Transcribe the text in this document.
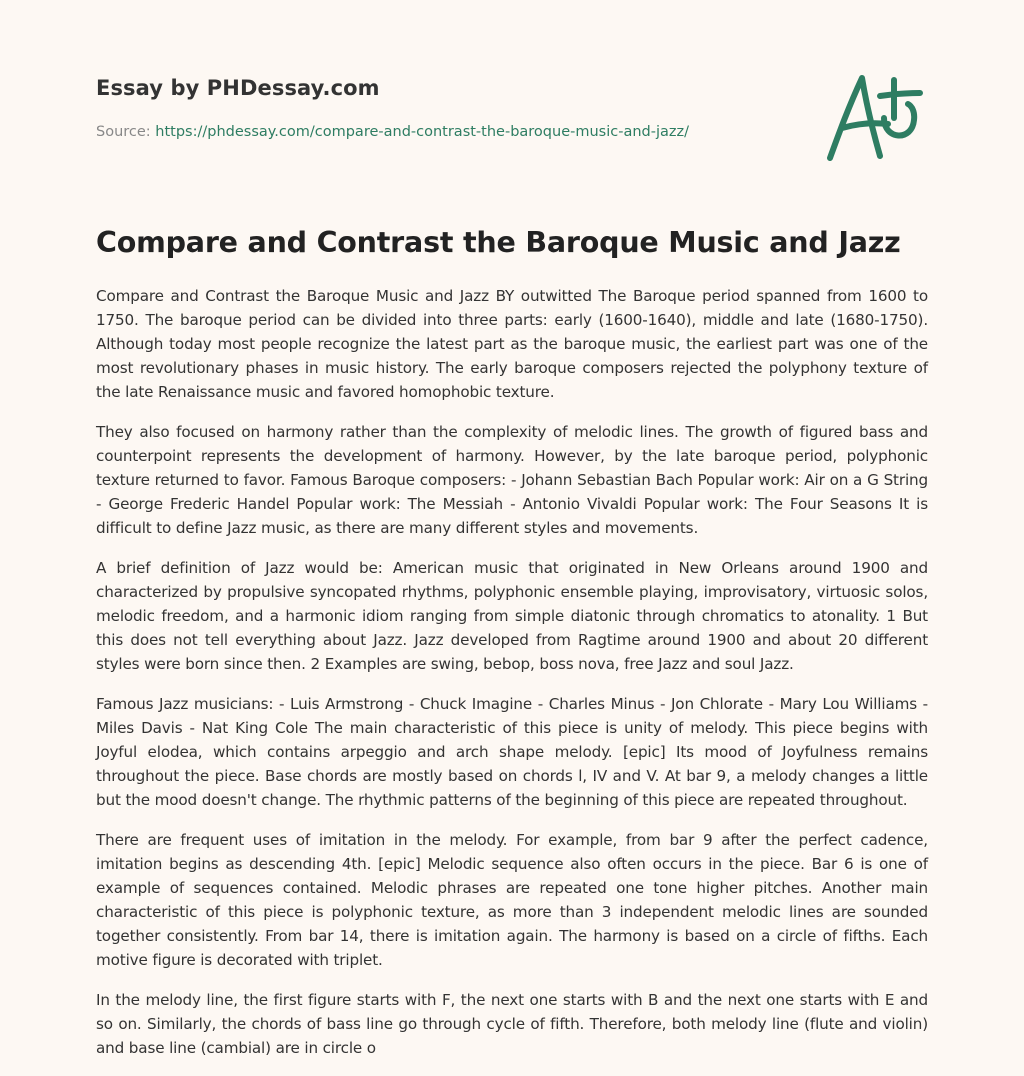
Essay by PHDessay.com
Source: https://phdessay.com/compare-and-contrast-the-baroque-music-and-jazz/
Compare and Contrast the Baroque Music and Jazz

Compare and Contrast the Baroque Music and Jazz BY outwitted The Baroque period spanned from 1600 to 1750. The baroque period can be divided into three parts: early (1600-1640), middle and late (1680-1750). Although today most people recognize the latest part as the baroque music, the earliest part was one of the most revolutionary phases in music history. The early baroque composers rejected the polyphony texture of the late Renaissance music and favored homophobic texture.

They also focused on harmony rather than the complexity of melodic lines. The growth of figured bass and counterpoint represents the development of harmony. However, by the late baroque period, polyphonic texture returned to favor. Famous Baroque composers: - Johann Sebastian Bach Popular work: Air on a G String - George Frederic Handel Popular work: The Messiah - Antonio Vivaldi Popular work: The Four Seasons It is difficult to define Jazz music, as there are many different styles and movements.

A brief definition of Jazz would be: American music that originated in New Orleans around 1900 and characterized by propulsive syncopated rhythms, polyphonic ensemble playing, improvisatory, virtuosic solos, melodic freedom, and a harmonic idiom ranging from simple diatonic through chromatics to atonality. 1 But this does not tell everything about Jazz. Jazz developed from Ragtime around 1900 and about 20 different styles were born since then. 2 Examples are swing, bebop, boss nova, free Jazz and soul Jazz.

Famous Jazz musicians: - Luis Armstrong - Chuck Imagine - Charles Minus - Jon Chlorate - Mary Lou Williams - Miles Davis - Nat King Cole The main characteristic of this piece is unity of melody. This piece begins with Joyful elodea, which contains arpeggio and arch shape melody. [epic] Its mood of Joyfulness remains throughout the piece. Base chords are mostly based on chords l, IV and V. At bar 9, a melody changes a little but the mood doesn't change. The rhythmic patterns of the beginning of this piece are repeated throughout.

There are frequent uses of imitation in the melody. For example, from bar 9 after the perfect cadence, imitation begins as descending 4th. [epic] Melodic sequence also often occurs in the piece. Bar 6 is one of example of sequences contained. Melodic phrases are repeated one tone higher pitches. Another main characteristic of this piece is polyphonic texture, as more than 3 independent melodic lines are sounded together consistently. From bar 14, there is imitation again. The harmony is based on a circle of fifths. Each motive figure is decorated with triplet.

In the melody line, the first figure starts with F, the next one starts with B and the next one starts with E and so on. Similarly, the chords of bass line go through cycle of fifth. Therefore, both melody line (flute and violin) and base line (cambial) are in circle o
